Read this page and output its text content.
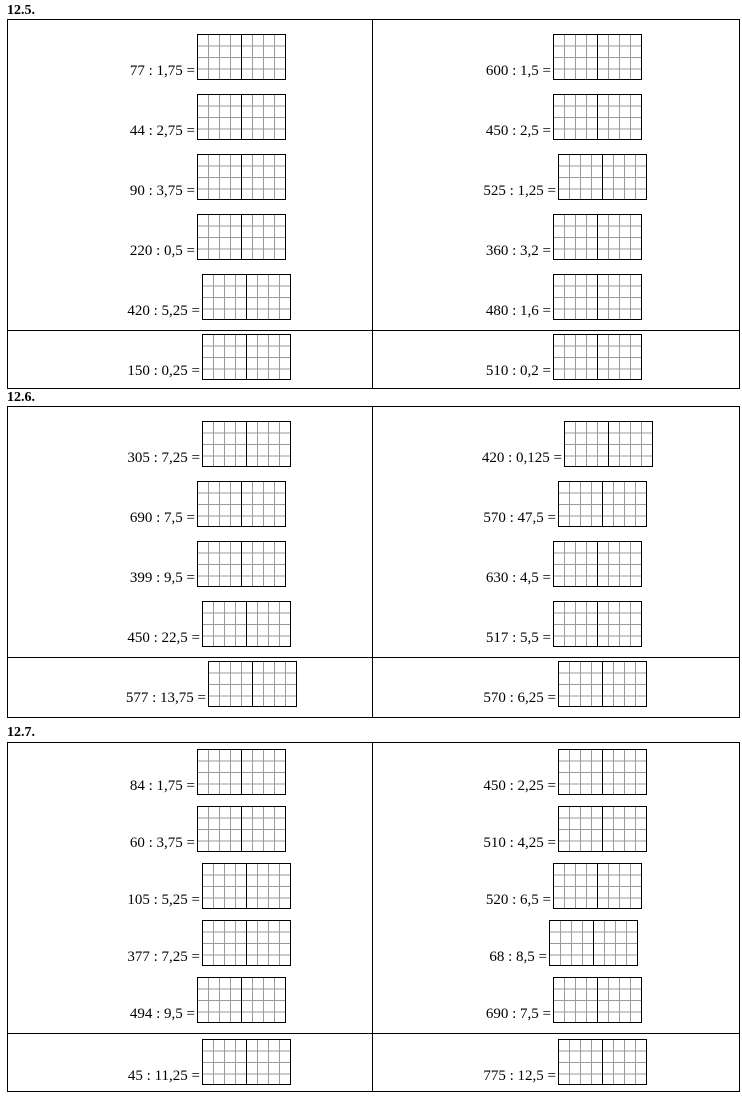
12.5.
77 : 1,75 =	600 : 1,5 =
44 : 2,75 =	450 : 2,5 =
90 : 3,75 =	525 : 1,25 =
220 : 0,5 =	360 : 3,2 =
420 : 5,25 =	480 : 1,6 =
150 : 0,25 =	510 : 0,2 =
12.6.
305 : 7,25 =	420 : 0,125 =
690 : 7,5 =	570 : 47,5 =
399 : 9,5 =	630 : 4,5 =
450 : 22,5 =	517 : 5,5 =
577 : 13,75 =	570 : 6,25 =
12.7.
84 : 1,75 =	450 : 2,25 =
60 : 3,75 =	510 : 4,25 =
105 : 5,25 =	520 : 6,5 =
377 : 7,25 =	68 : 8,5 =
494 : 9,5 =	690 : 7,5 =
45 : 11,25 =	775 : 12,5 =
